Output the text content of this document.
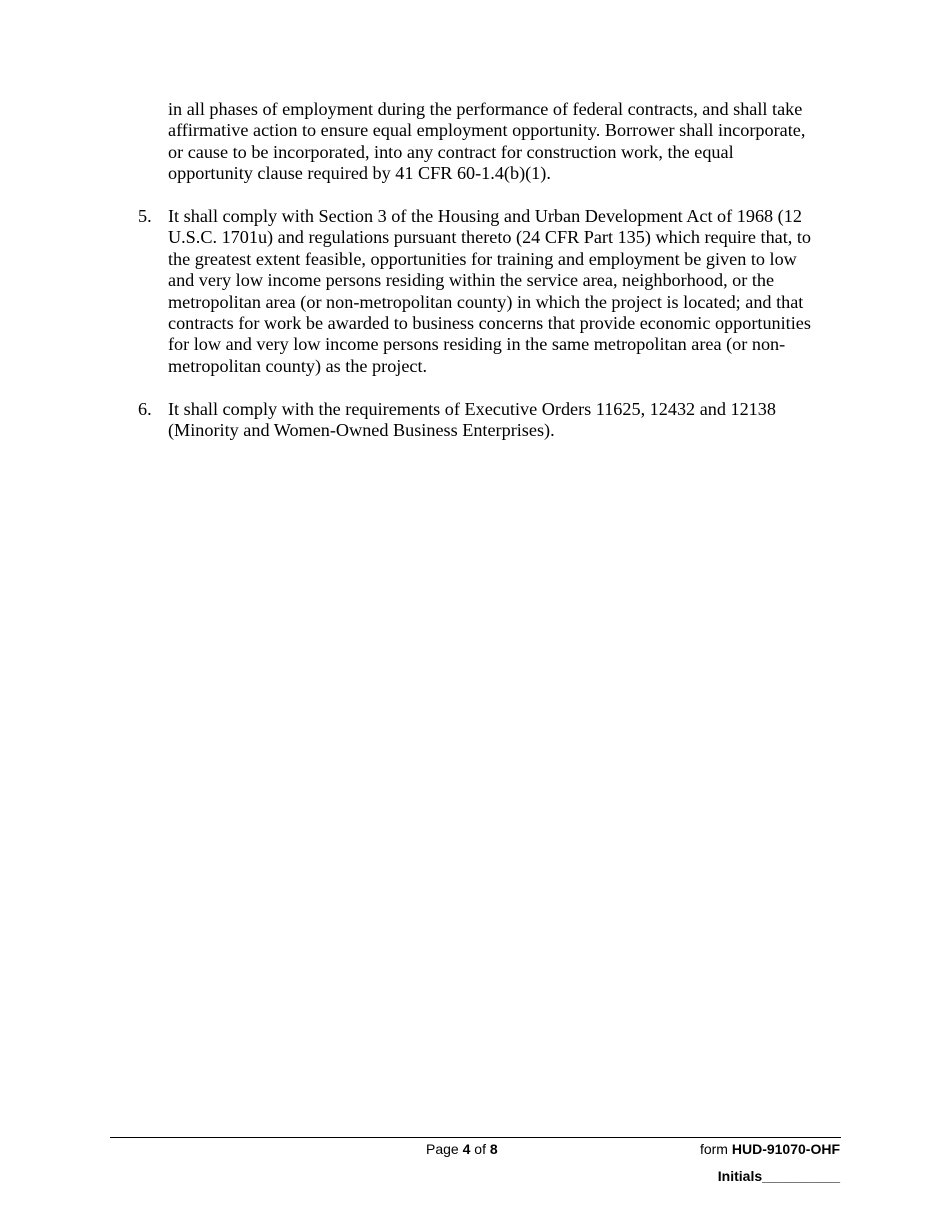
in all phases of employment during the performance of federal contracts, and shall take
affirmative action to ensure equal employment opportunity. Borrower shall incorporate,
or cause to be incorporated, into any contract for construction work, the equal
opportunity clause required by 41 CFR 60-1.4(b)(1).

5. It shall comply with Section 3 of the Housing and Urban Development Act of 1968 (12
U.S.C. 1701u) and regulations pursuant thereto (24 CFR Part 135) which require that, to
the greatest extent feasible, opportunities for training and employment be given to low
and very low income persons residing within the service area, neighborhood, or the
metropolitan area (or non-metropolitan county) in which the project is located; and that
contracts for work be awarded to business concerns that provide economic opportunities
for low and very low income persons residing in the same metropolitan area (or non-
metropolitan county) as the project.

6. It shall comply with the requirements of Executive Orders 11625, 12432 and 12138
(Minority and Women-Owned Business Enterprises).

Page 4 of 8	form HUD-91070-OHF
Initials__________
